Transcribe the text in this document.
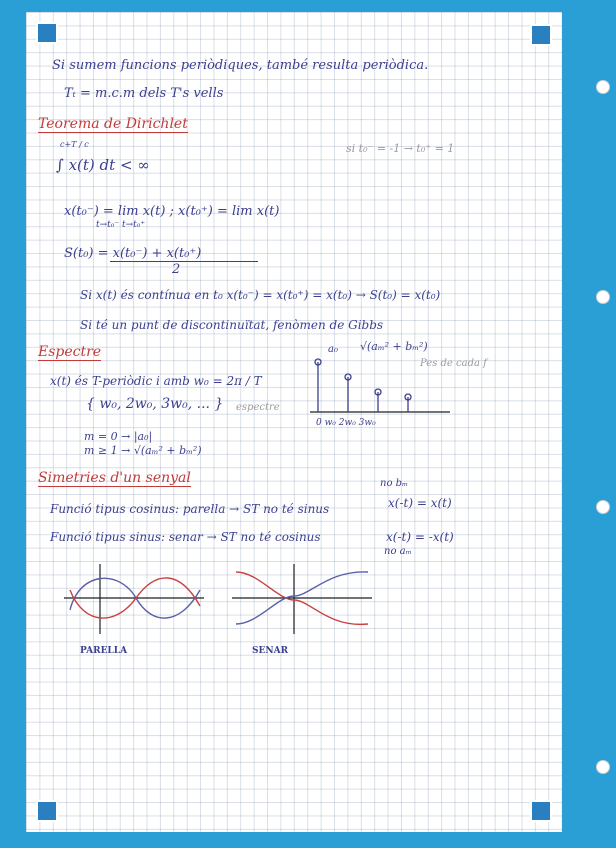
Si sumem funcions periòdiques, també resulta periòdica.
Tₜ = m.c.m dels T's vells
Teorema de Dirichlet
∫ x(t) dt < ∞
c+T / c	si t₀⁻ = -1 → t₀⁺ = 1
x(t₀⁻) = lim x(t) ; x(t₀⁺) = lim x(t)
t→t₀⁻ t→t₀⁺
S(t₀) = x(t₀⁻) + x(t₀⁺)
2
Si x(t) és contínua en t₀ x(t₀⁻) = x(t₀⁺) = x(t₀) → S(t₀) = x(t₀)
Si té un punt de discontinuïtat, fenòmen de Gibbs
Espectre
x(t) és T-periòdic i amb w₀ = 2π / T
{ w₀, 2w₀, 3w₀, ... } espectre
m = 0 → |a₀|
m ≥ 1 → √(aₘ² + bₘ²)
√(aₘ² + bₘ²)
a₀
Pes de cada f
0 w₀ 2w₀ 3w₀
Simetries d'un senyal
Funció tipus cosinus: parella → ST no té sinus
Funció tipus sinus: senar → ST no té cosinus
no bₘ
x(-t) = x(t)
x(-t) = -x(t)
no aₘ
PARELLA	SENAR
